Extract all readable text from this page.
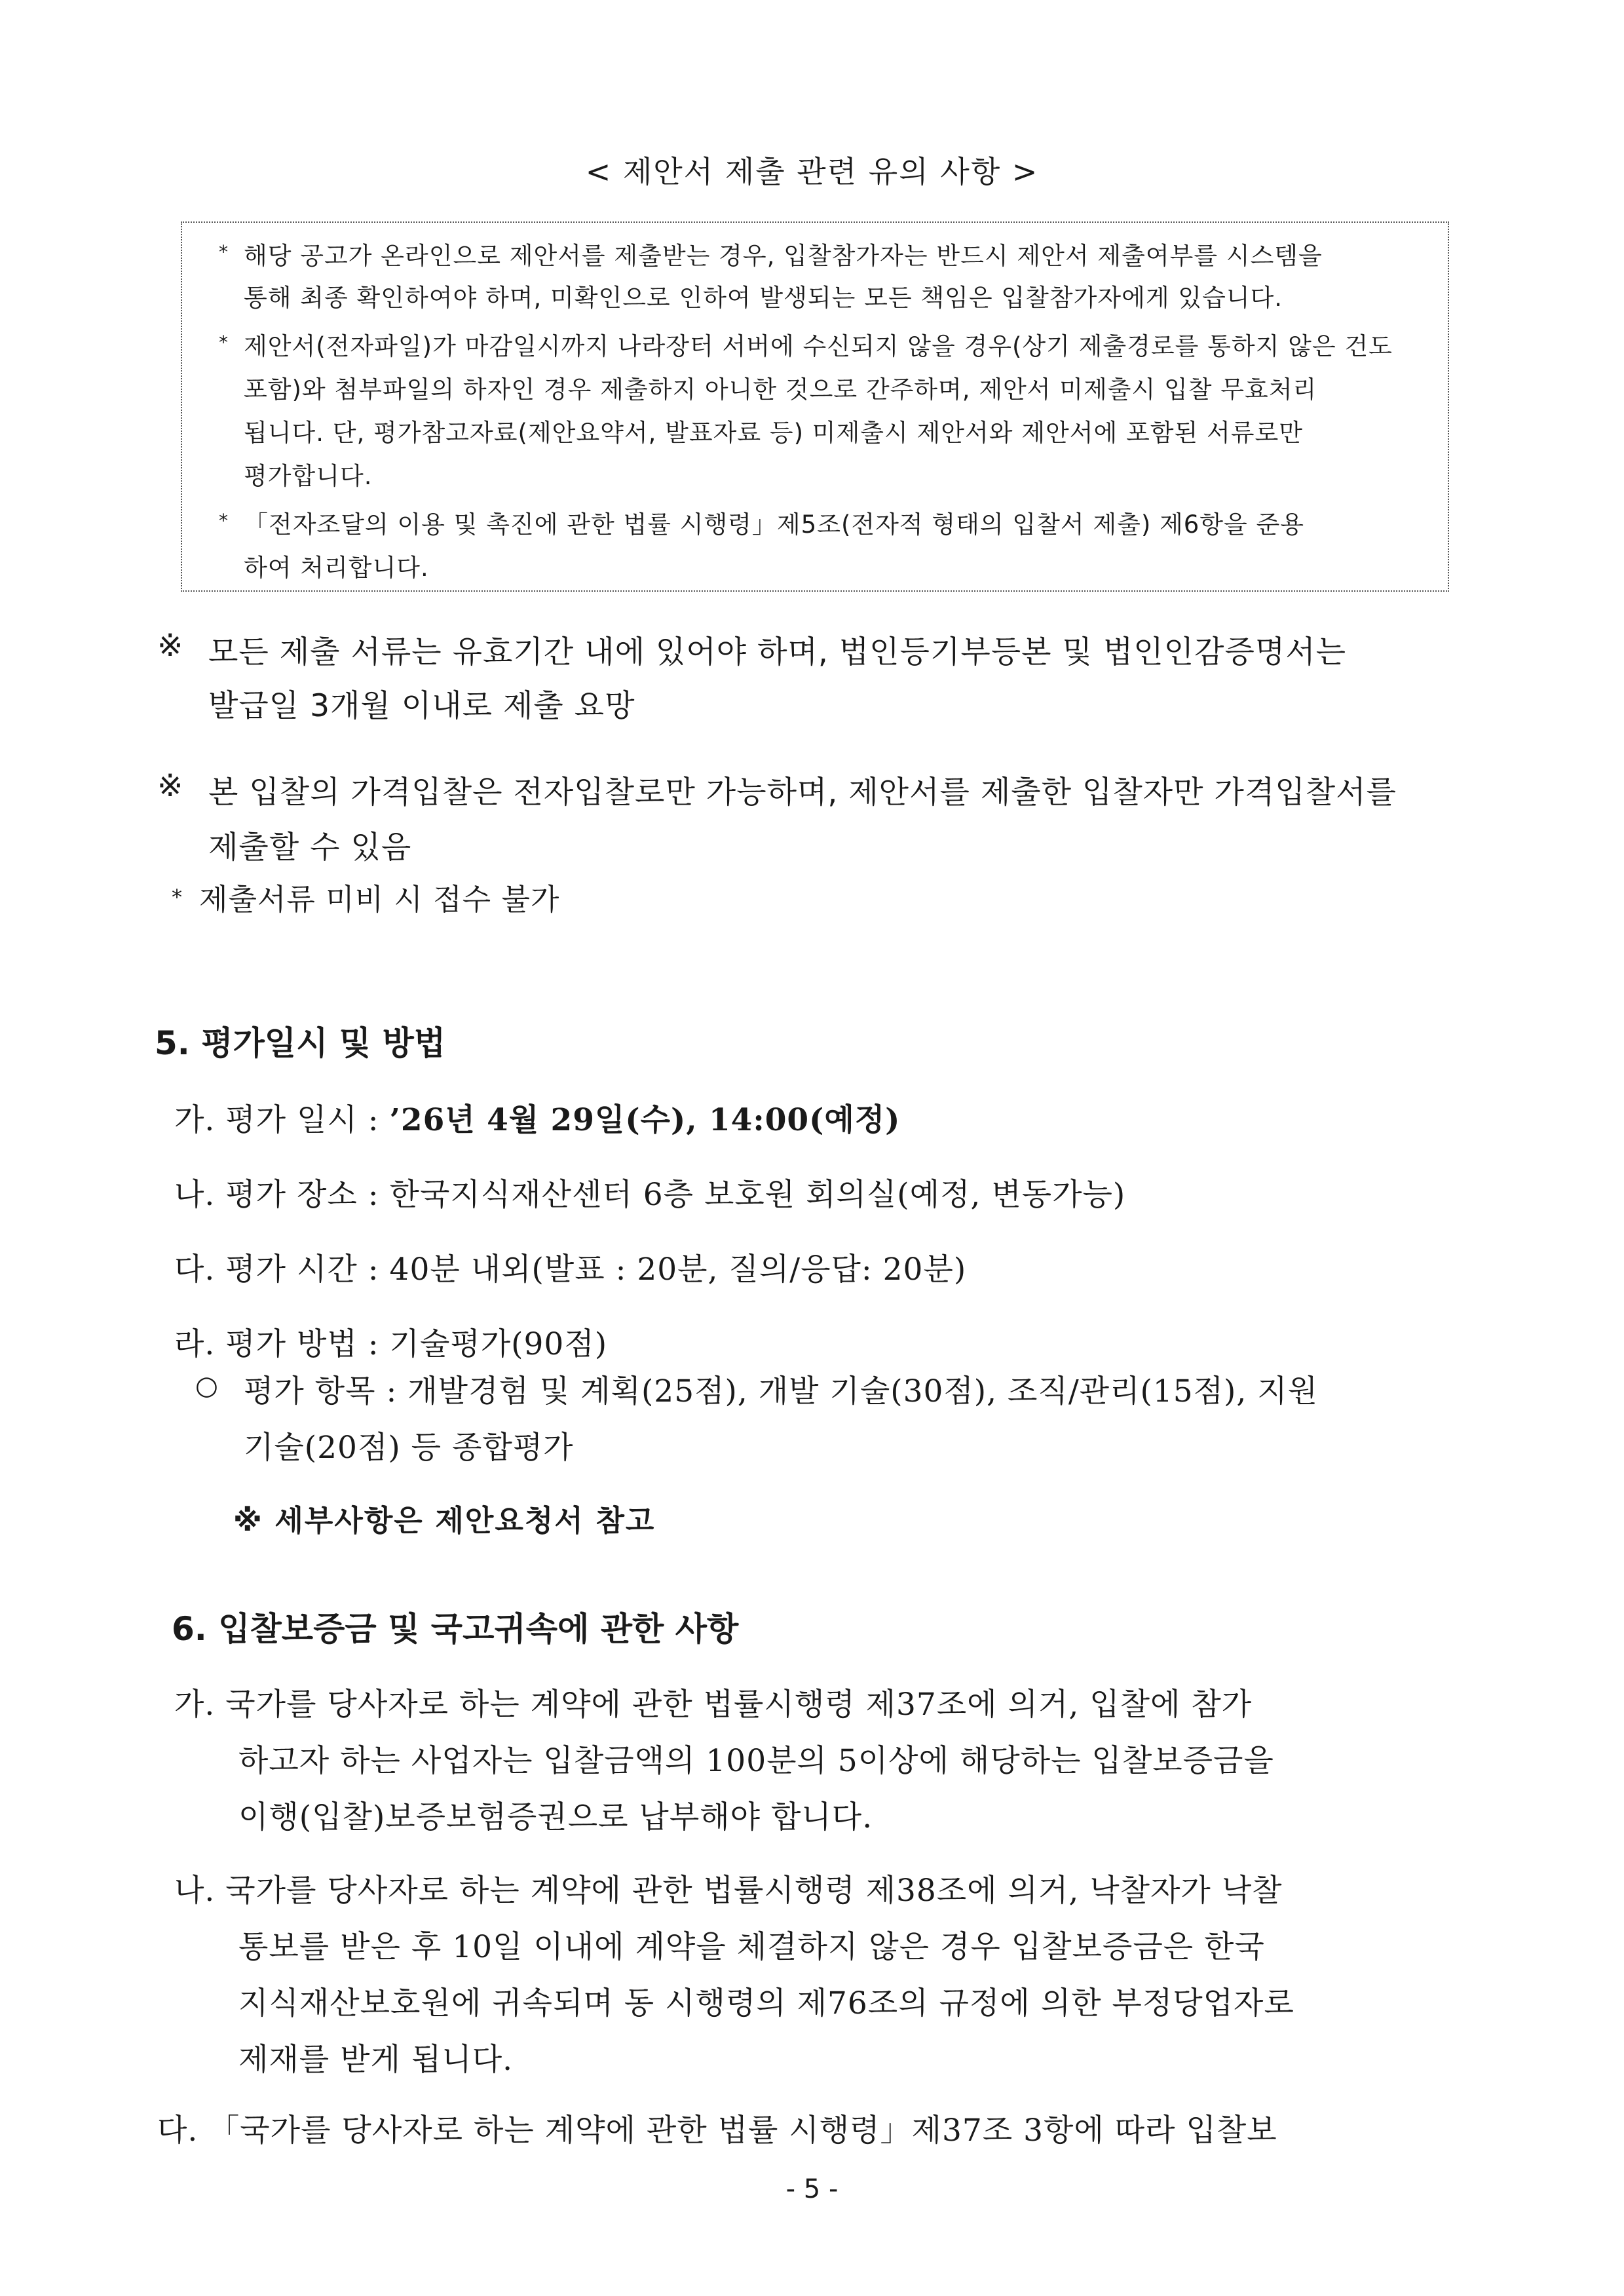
< 제안서 제출 관련 유의 사항 >
* 해당 공고가 온라인으로 제안서를 제출받는 경우, 입찰참가자는 반드시 제안서 제출여부를 시스템을
통해 최종 확인하여야 하며, 미확인으로 인하여 발생되는 모든 책임은 입찰참가자에게 있습니다.
* 제안서(전자파일)가 마감일시까지 나라장터 서버에 수신되지 않을 경우(상기 제출경로를 통하지 않은 건도
포함)와 첨부파일의 하자인 경우 제출하지 아니한 것으로 간주하며, 제안서 미제출시 입찰 무효처리
됩니다. 단, 평가참고자료(제안요약서, 발표자료 등) 미제출시 제안서와 제안서에 포함된 서류로만
평가합니다.
* 「전자조달의 이용 및 촉진에 관한 법률 시행령」제5조(전자적 형태의 입찰서 제출) 제6항을 준용
하여 처리합니다.
※ 모든 제출 서류는 유효기간 내에 있어야 하며, 법인등기부등본 및 법인인감증명서는
발급일 3개월 이내로 제출 요망
※ 본 입찰의 가격입찰은 전자입찰로만 가능하며, 제안서를 제출한 입찰자만 가격입찰서를
제출할 수 있음
* 제출서류 미비 시 접수 불가
5. 평가일시 및 방법
가. 평가 일시 : ’26년 4월 29일(수), 14:00(예정)
나. 평가 장소 : 한국지식재산센터 6층 보호원 회의실(예정, 변동가능)
다. 평가 시간 : 40분 내외(발표 : 20분, 질의/응답: 20분)
라. 평가 방법 : 기술평가(90점)
○ 평가 항목 : 개발경험 및 계획(25점), 개발 기술(30점), 조직/관리(15점), 지원
기술(20점) 등 종합평가
※ 세부사항은 제안요청서 참고
6. 입찰보증금 및 국고귀속에 관한 사항
가. 국가를 당사자로 하는 계약에 관한 법률시행령 제37조에 의거, 입찰에 참가
하고자 하는 사업자는 입찰금액의 100분의 5이상에 해당하는 입찰보증금을
이행(입찰)보증보험증권으로 납부해야 합니다.
나. 국가를 당사자로 하는 계약에 관한 법률시행령 제38조에 의거, 낙찰자가 낙찰
통보를 받은 후 10일 이내에 계약을 체결하지 않은 경우 입찰보증금은 한국
지식재산보호원에 귀속되며 동 시행령의 제76조의 규정에 의한 부정당업자로
제재를 받게 됩니다.
다. 「국가를 당사자로 하는 계약에 관한 법률 시행령」제37조 3항에 따라 입찰보
- 5 -
